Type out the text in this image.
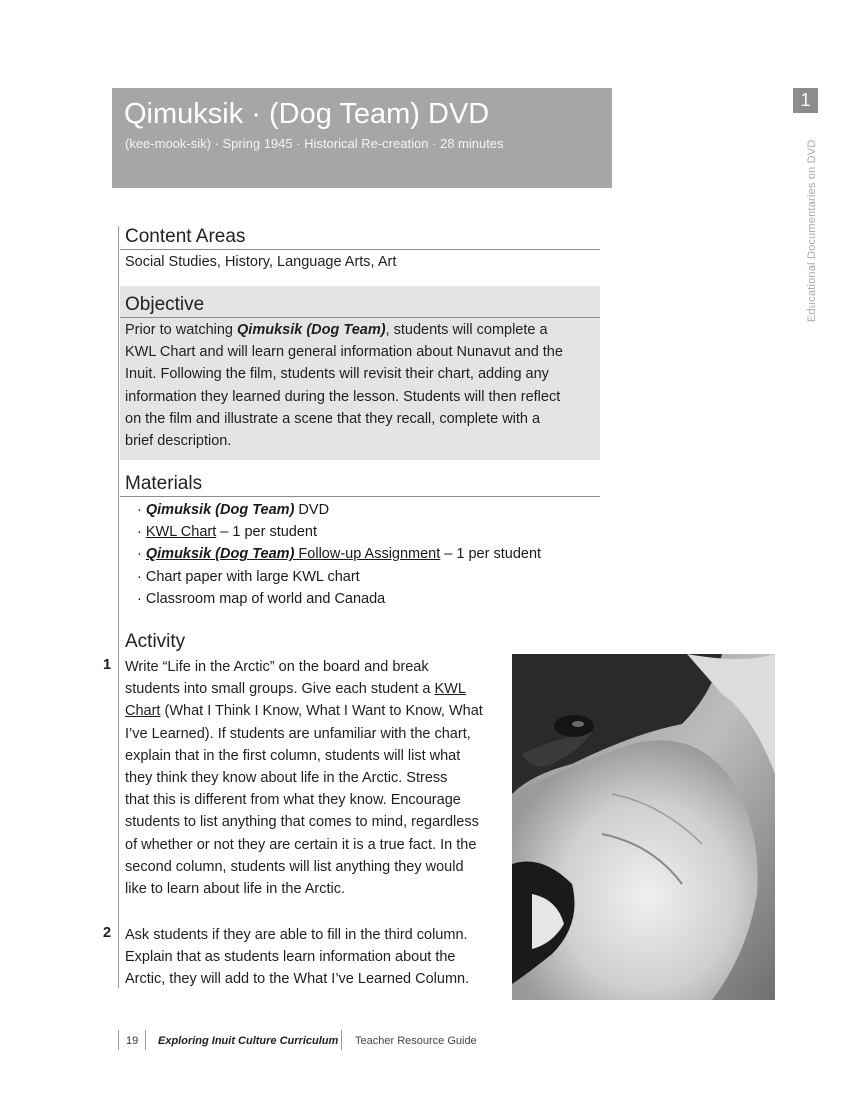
Qimuksik · (Dog Team) DVD
(kee-mook-sik) · Spring 1945 · Historical Re-creation · 28 minutes
1
Educational Documentaries on DVD
Content Areas
Social Studies, History, Language Arts, Art
Objective
Prior to watching Qimuksik (Dog Team), students will complete a
KWL Chart and will learn general information about Nunavut and the
Inuit. Following the film, students will revisit their chart, adding any
information they learned during the lesson. Students will then reflect
on the film and illustrate a scene that they recall, complete with a
brief description.
Materials
· Qimuksik (Dog Team) DVD
· KWL Chart – 1 per student
· Qimuksik (Dog Team) Follow-up Assignment – 1 per student
· Chart paper with large KWL chart
· Classroom map of world and Canada
Activity
1 Write “Life in the Arctic” on the board and break
students into small groups. Give each student a KWL
Chart (What I Think I Know, What I Want to Know, What
I’ve Learned). If students are unfamiliar with the chart,
explain that in the first column, students will list what
they think they know about life in the Arctic. Stress
that this is different from what they know. Encourage
students to list anything that comes to mind, regardless
of whether or not they are certain it is a true fact. In the
second column, students will list anything they would
like to learn about life in the Arctic.
2 Ask students if they are able to fill in the third column.
Explain that as students learn information about the
Arctic, they will add to the What I’ve Learned Column.
19 Exploring Inuit Culture Curriculum Teacher Resource Guide
